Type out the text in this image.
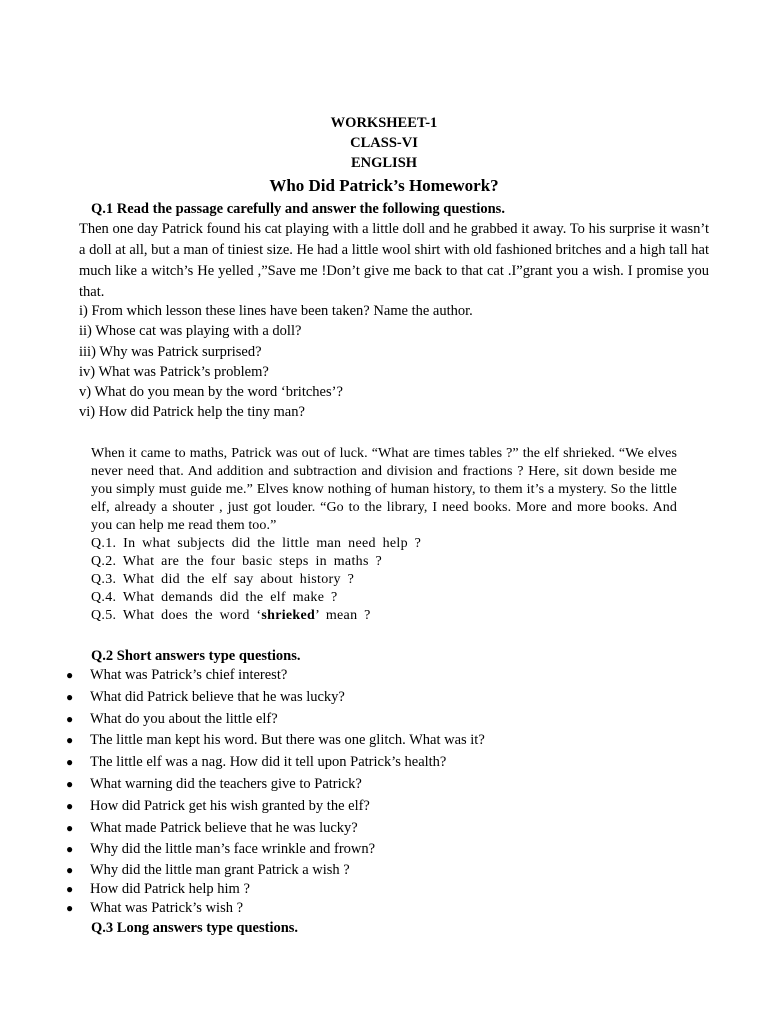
WORKSHEET-1
CLASS-VI
ENGLISH
Who Did Patrick’s Homework?
Q.1 Read the passage carefully and answer the following questions.

Then one day Patrick found his cat playing with a little doll and he grabbed it away. To his surprise it wasn’t a doll at all, but a man of tiniest size. He had a little wool shirt with old fashioned britches and a high tall hat much like a witch’s He yelled ,”Save me !Don’t give me back to that cat .I”grant you a wish. I promise you that.

i) From which lesson these lines have been taken? Name the author.
ii) Whose cat was playing with a doll?
iii) Why was Patrick surprised?
iv) What was Patrick’s problem?
v) What do you mean by the word ‘britches’?
vi) How did Patrick help the tiny man?

When it came to maths, Patrick was out of luck. “What are times tables ?” the elf shrieked. “We elves never need that. And addition and subtraction and division and fractions ? Here, sit down beside me you simply must guide me.” Elves know nothing of human history, to them it’s a mystery. So the little elf, already a shouter , just got louder. “Go to the library, I need books. More and more books. And you can help me read them too.”

Q.1. In what subjects did the little man need help ?
Q.2. What are the four basic steps in maths ?
Q.3. What did the elf say about history ?
Q.4. What demands did the elf make ?
Q.5. What does the word ‘shrieked’ mean ?
Q.2 Short answers type questions.
● What was Patrick’s chief interest?
● What did Patrick believe that he was lucky?
● What do you about the little elf?
● The little man kept his word. But there was one glitch. What was it?
● The little elf was a nag. How did it tell upon Patrick’s health?
● What warning did the teachers give to Patrick?
● How did Patrick get his wish granted by the elf?
● What made Patrick believe that he was lucky?
● Why did the little man’s face wrinkle and frown?
● Why did the little man grant Patrick a wish ?
● How did Patrick help him ?
● What was Patrick’s wish ?
Q.3 Long answers type questions.
